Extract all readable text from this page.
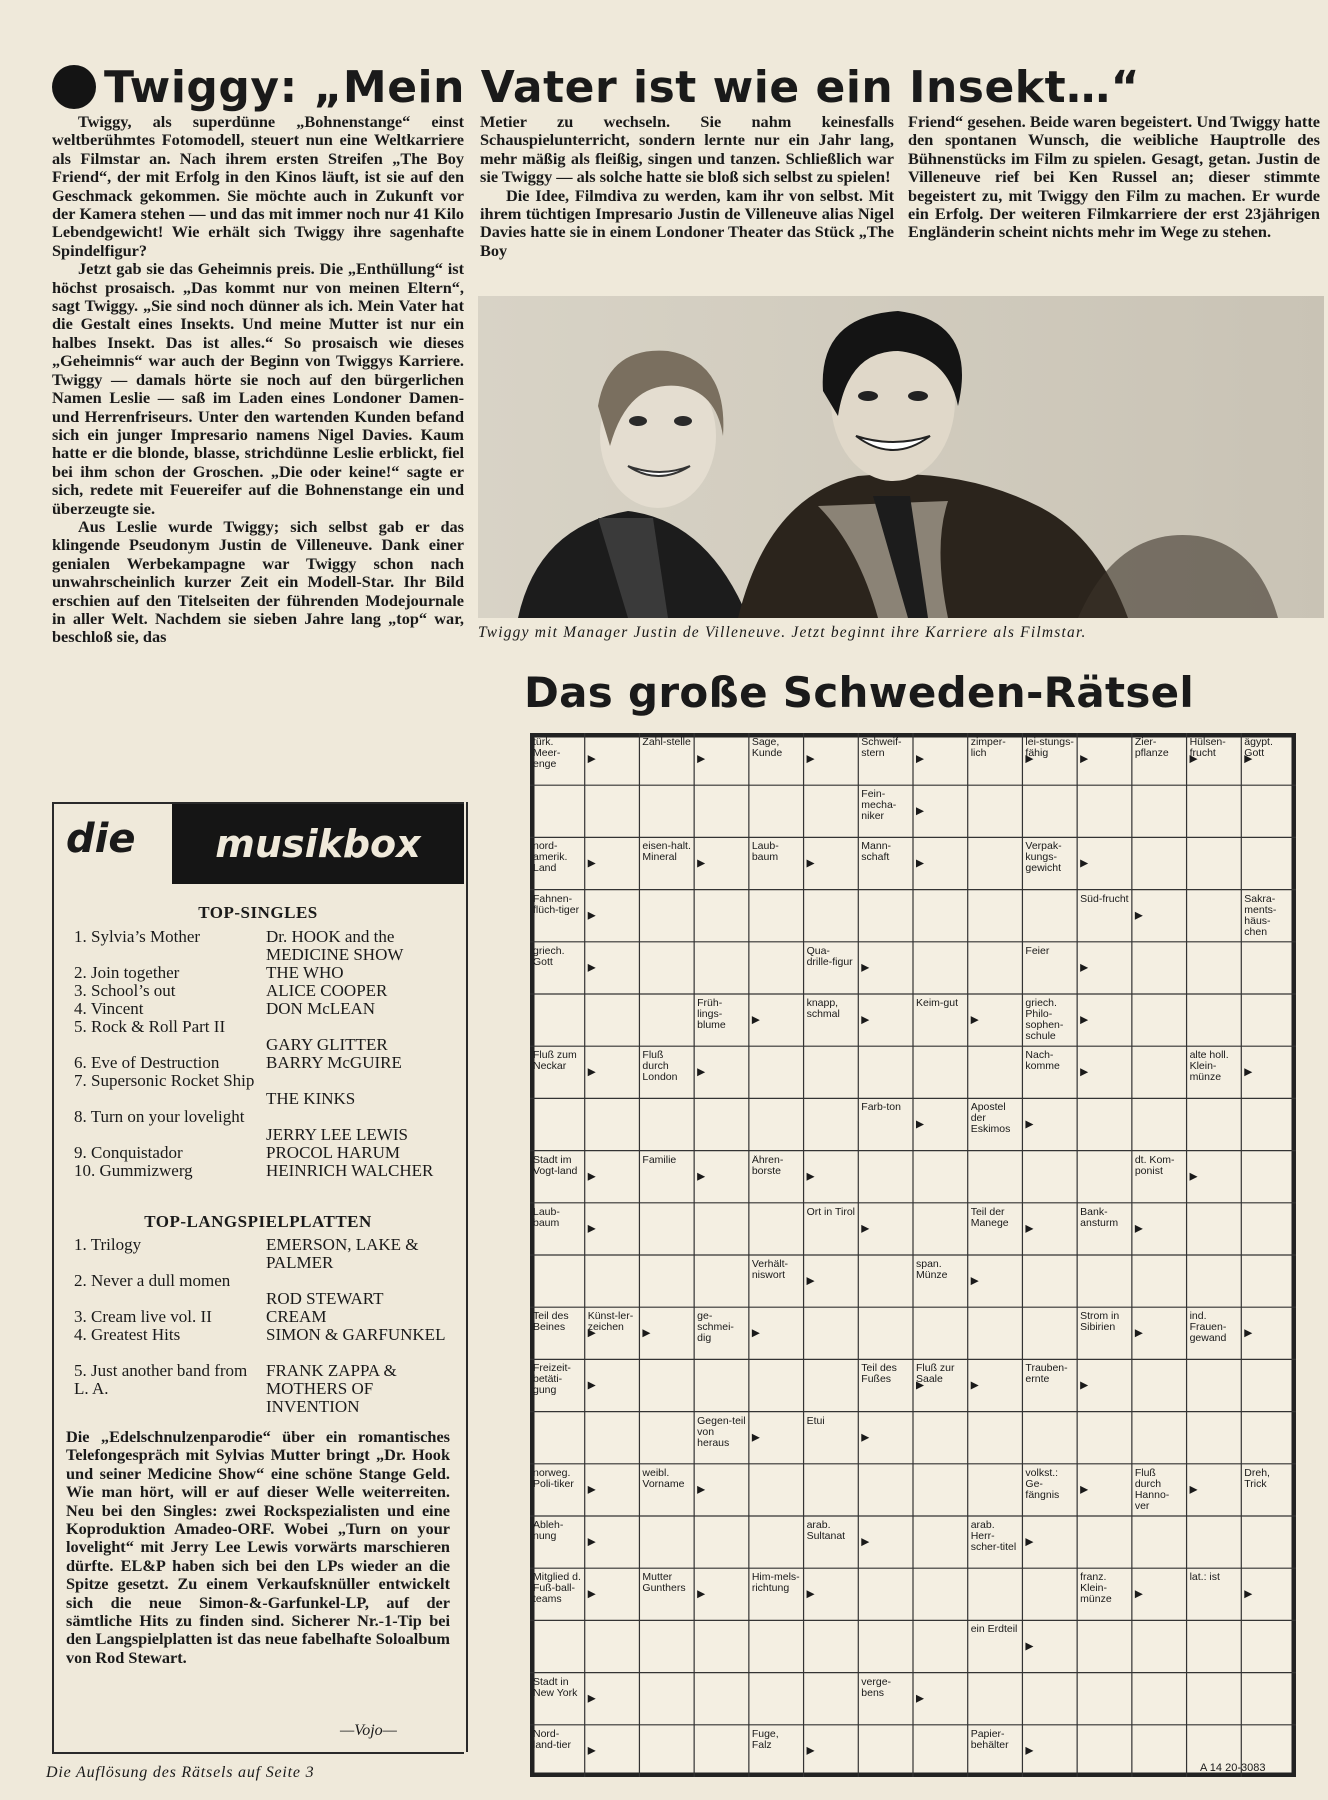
Twiggy: „Mein Vater ist wie ein Insekt…“

Twiggy, als superdünne „Bohnenstange“ einst weltberühmtes Fotomodell, steuert nun eine Weltkarriere als Filmstar an. Nach ihrem ersten Streifen „The Boy Friend“, der mit Erfolg in den Kinos läuft, ist sie auf den Geschmack gekommen. Sie möchte auch in Zukunft vor der Kamera stehen — und das mit immer noch nur 41 Kilo Lebendgewicht! Wie erhält sich Twiggy ihre sagenhafte Spindelfigur?

Jetzt gab sie das Geheimnis preis. Die „Enthüllung“ ist höchst prosaisch. „Das kommt nur von meinen Eltern“, sagt Twiggy. „Sie sind noch dünner als ich. Mein Vater hat die Gestalt eines Insekts. Und meine Mutter ist nur ein halbes Insekt. Das ist alles.“ So prosaisch wie dieses „Geheimnis“ war auch der Beginn von Twiggys Karriere. Twiggy — damals hörte sie noch auf den bürgerlichen Namen Leslie — saß im Laden eines Londoner Damen- und Herrenfriseurs. Unter den wartenden Kunden befand sich ein junger Impresario namens Nigel Davies. Kaum hatte er die blonde, blasse, strichdünne Leslie erblickt, fiel bei ihm schon der Groschen. „Die oder keine!“ sagte er sich, redete mit Feuereifer auf die Bohnenstange ein und überzeugte sie.

Aus Leslie wurde Twiggy; sich selbst gab er das klingende Pseudonym Justin de Villeneuve. Dank einer genialen Werbekampagne war Twiggy schon nach unwahrscheinlich kurzer Zeit ein Modell-Star. Ihr Bild erschien auf den Titelseiten der führenden Modejournale in aller Welt. Nachdem sie sieben Jahre lang „top“ war, beschloß sie, das

Metier zu wechseln. Sie nahm keinesfalls Schauspielunterricht, sondern lernte nur ein Jahr lang, mehr mäßig als fleißig, singen und tanzen. Schließlich war sie Twiggy — als solche hatte sie bloß sich selbst zu spielen!

Die Idee, Filmdiva zu werden, kam ihr von selbst. Mit ihrem tüchtigen Impresario Justin de Villeneuve alias Nigel Davies hatte sie in einem Londoner Theater das Stück „The Boy

Friend“ gesehen. Beide waren begeistert. Und Twiggy hatte den spontanen Wunsch, die weibliche Hauptrolle des Bühnenstücks im Film zu spielen. Gesagt, getan. Justin de Villeneuve rief bei Ken Russel an; dieser stimmte begeistert zu, mit Twiggy den Film zu machen. Er wurde ein Erfolg. Der weiteren Filmkarriere der erst 23jährigen Engländerin scheint nichts mehr im Wege zu stehen.

Twiggy mit Manager Justin de Villeneuve. Jetzt beginnt ihre Karriere als Filmstar.
die	musikbox
TOP-SINGLES
1. Sylvia’s Mother	Dr. HOOK and the MEDICINE SHOW
2. Join together	THE WHO
3. School’s out	ALICE COOPER
4. Vincent	DON McLEAN
5. Rock & Roll Part II
GARY GLITTER
6. Eve of Destruction	BARRY McGUIRE
7. Supersonic Rocket Ship
THE KINKS
8. Turn on your lovelight
JERRY LEE LEWIS
9. Conquistador	PROCOL HARUM
10. Gummizwerg	HEINRICH WALCHER
TOP-LANGSPIELPLATTEN
1. Trilogy	EMERSON, LAKE & PALMER
2. Never a dull momen
ROD STEWART
3. Cream live vol. II	CREAM
4. Greatest Hits	SIMON & GARFUNKEL
5. Just another band from L. A.
FRANK ZAPPA & MOTHERS OF INVENTION

Die „Edelschnulzenparodie“ über ein romantisches Telefongespräch mit Sylvias Mutter bringt „Dr. Hook und seiner Medicine Show“ eine schöne Stange Geld. Wie man hört, will er auf dieser Welle weiterreiten. Neu bei den Singles: zwei Rockspezialisten und eine Koproduktion Amadeo-ORF. Wobei „Turn on your lovelight“ mit Jerry Lee Lewis vorwärts marschieren dürfte. EL&P haben sich bei den LPs wieder an die Spitze gesetzt. Zu einem Verkaufsknüller entwickelt sich die neue Simon-&-Garfunkel-LP, auf der sämtliche Hits zu finden sind. Sicherer Nr.-1-Tip bei den Langspielplatten ist das neue fabelhafte Soloalbum von Rod Stewart.

—Vojo—
Die Auflösung des Rätsels auf Seite 3
Das große Schweden-Rätsel
türk. Meer-enge
Zahl-stelle	Sage, Kunde
Schweif-stern
zimper-lich
lei-stungs-fähig
Zier-pflanze
Hülsen-frucht
ägypt. Gott
Fein-mecha-niker
nord-amerik. Land
eisen-halt. Mineral
Laub-baum
Mann-schaft
Verpak-kungs-gewicht
Fahnen-flüch-tiger
Süd-frucht	Sakra-ments-häus-chen
griech. Gott
Qua-drille-figur
Feier
Früh-lings-blume
knapp, schmal
Keim-gut	griech. Philo-sophen-schule
Fluß zum Neckar
Fluß durch London
Nach-komme
alte holl. Klein-münze
Farb-ton	Apostel der Eskimos
Stadt im Vogt-land
Familie	Ähren-borste
dt. Kom-ponist
Laub-baum
Ort in Tirol	Teil der Manege
Bank-ansturm
Verhält-niswort
span. Münze
Teil des Beines
Künst-ler-zeichen
ge-schmei-dig
Strom in Sibirien
ind. Frauen-gewand
Freizeit-betäti-gung
Teil des Fußes
Fluß zur Saale
Trauben-ernte
Gegen-teil von heraus
Etui
norweg. Poli-tiker
weibl. Vorname
volkst.: Ge-fängnis
Fluß durch Hanno-ver
Dreh, Trick
Ableh-nung
arab. Sultanat
arab. Herr-scher-titel
Mitglied d. Fuß-ball-teams
Mutter Gunthers
Him-mels-richtung
franz. Klein-münze
lat.: ist
ein Erdteil
Stadt in New York
verge-bens
Nord-land-tier
Fuge, Falz
Papier-behälter
A 14 20-3083
